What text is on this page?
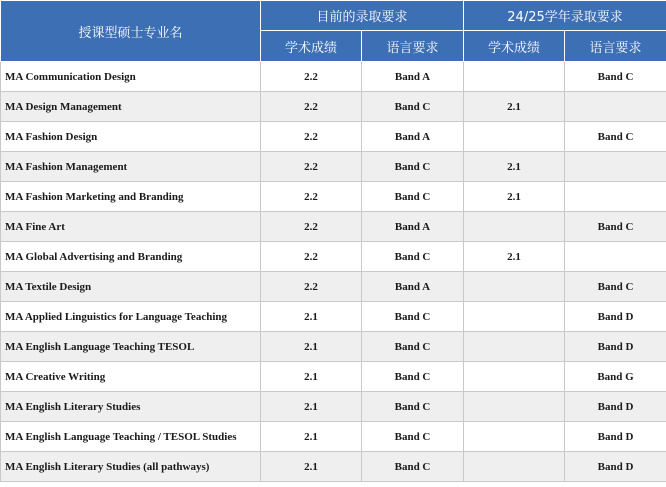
授课型硕士专业名	目前的录取要求		24/25学年录取要求	
	学术成绩	语言要求	学术成绩	语言要求
MA Communication Design	2.2	Band A		Band C
MA Design Management	2.2	Band C	2.1	
MA Fashion Design	2.2	Band A		Band C
MA Fashion Management	2.2	Band C	2.1	
MA Fashion Marketing and Branding	2.2	Band C	2.1	
MA Fine Art	2.2	Band A		Band C
MA Global Advertising and Branding	2.2	Band C	2.1	
MA Textile Design	2.2	Band A		Band C
MA Applied Linguistics for Language Teaching	2.1	Band C		Band D
MA English Language Teaching TESOL	2.1	Band C		Band D
MA Creative Writing	2.1	Band C		Band G
MA English Literary Studies	2.1	Band C		Band D
MA English Language Teaching / TESOL Studies	2.1	Band C		Band D
MA English Literary Studies (all pathways)	2.1	Band C		Band D
